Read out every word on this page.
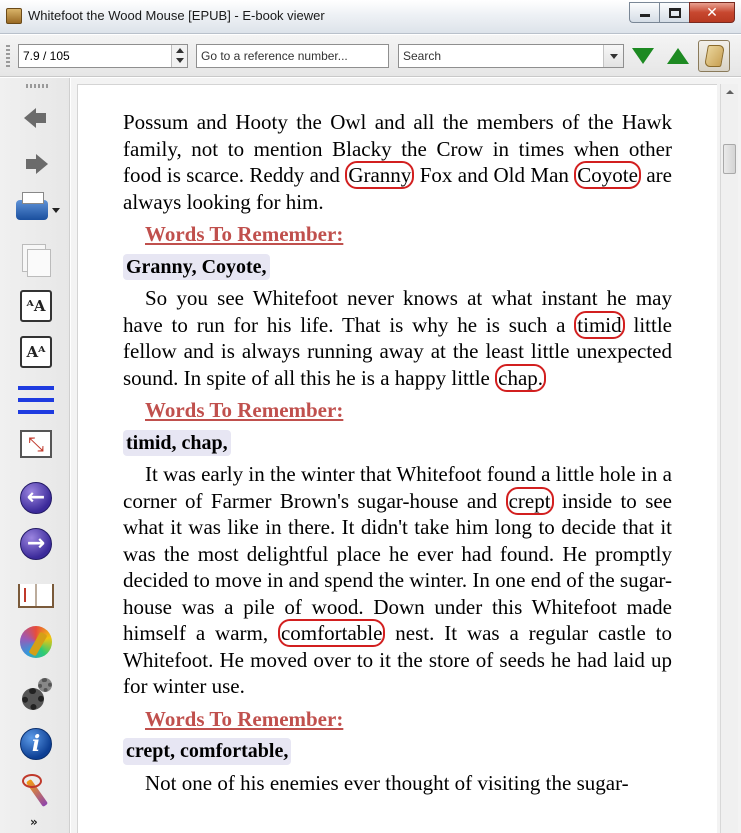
Whitefoot the Wood Mouse [EPUB] - E-book viewer	✕
7.9 / 105
Go to a reference number...
Search
ᴬA
Aᴬ
⤡
←
→
i
»

Possum and Hooty the Owl and all the members of the Hawk family, not to mention Blacky the Crow in times when other food is scarce. Reddy and Granny Fox and Old Man Coyote are always looking for him.

Words To Remember:
Granny, Coyote,

So you see Whitefoot never knows at what instant he may have to run for his life. That is why he is such a timid little fellow and is always running away at the least little unexpected sound. In spite of all this he is a happy little chap.

Words To Remember:
timid, chap,

It was early in the winter that Whitefoot found a little hole in a corner of Farmer Brown's sugar-house and crept inside to see what it was like in there. It didn't take him long to decide that it was the most delightful place he ever had found. He promptly decided to move in and spend the winter. In one end of the sugar-house was a pile of wood. Down under this Whitefoot made himself a warm, comfortable nest. It was a regular castle to Whitefoot. He moved over to it the store of seeds he had laid up for winter use.

Words To Remember:
crept, comfortable,

Not one of his enemies ever thought of visiting the sugar-
